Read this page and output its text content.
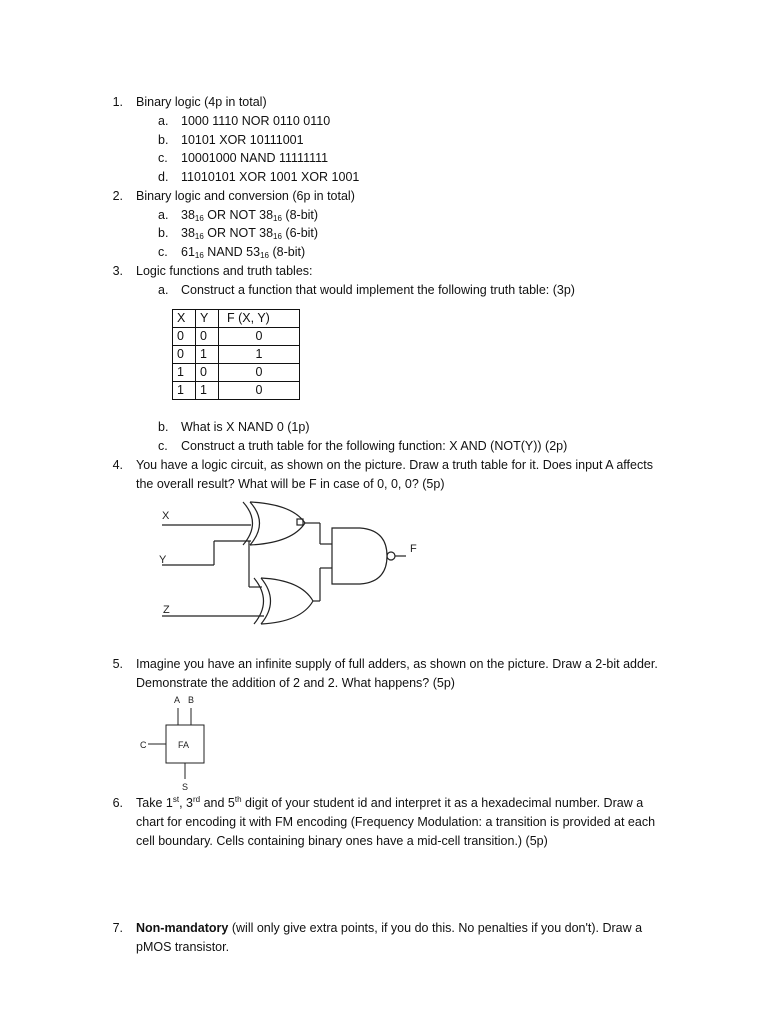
1. Binary logic (4p in total)
a. 1000 1110 NOR 0110 0110
b. 10101 XOR 10111001
c. 10001000 NAND 11111111
d. 11010101 XOR 1001 XOR 1001
2. Binary logic and conversion (6p in total)
a. $38_{16}$ OR NOT $38_{16}$ (8-bit)
b. $38_{16}$ OR NOT $38_{16}$ (6-bit)
c. $61_{16}$ NAND $53_{16}$ (8-bit)
3. Logic functions and truth tables:
a. Construct a function that would implement the following truth table: (3p)
X	Y	F (X, Y)
0	0	0
0	1	1
1	0	0
1	1	0
b. What is X NAND 0 (1p)
c. Construct a truth table for the following function: X AND (NOT(Y)) (2p)
4. You have a logic circuit, as shown on the picture. Draw a truth table for it. Does input A affects
the overall result? What will be F in case of 0, 0, 0? (5p)
X
Y
Z
F
5. Imagine you have an infinite supply of full adders, as shown on the picture. Draw a 2-bit adder.
Demonstrate the addition of 2 and 2. What happens? (5p)
A B
C	FA
S
6. Take 1st, 3rd and 5th digit of your student id and interpret it as a hexadecimal number. Draw a
chart for encoding it with FM encoding (Frequency Modulation: a transition is provided at each
cell boundary. Cells containing binary ones have a mid-cell transition.) (5p)
7. Non-mandatory (will only give extra points, if you do this. No penalties if you don't). Draw a
pMOS transistor.
